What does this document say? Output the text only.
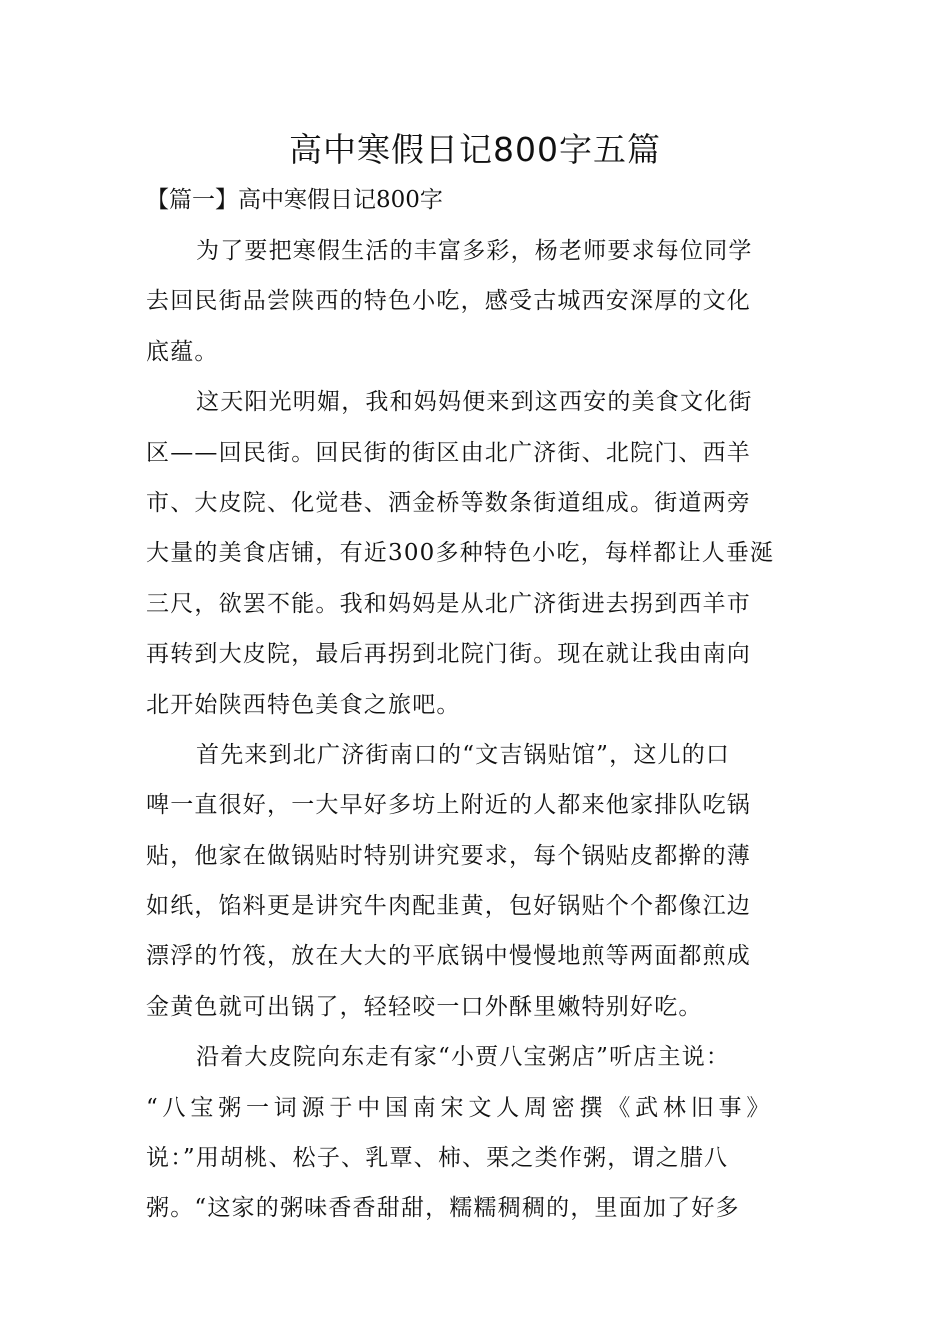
高中寒假日记800字五篇
【篇一】高中寒假日记800字

为了要把寒假生活的丰富多彩，杨老师要求每位同学
去回民街品尝陕西的特色小吃，感受古城西安深厚的文化
底蕴。

这天阳光明媚，我和妈妈便来到这西安的美食文化街
区——回民街。回民街的街区由北广济街、北院门、西羊
市、大皮院、化觉巷、洒金桥等数条街道组成。街道两旁
大量的美食店铺，有近300多种特色小吃，每样都让人垂涎
三尺，欲罢不能。我和妈妈是从北广济街进去拐到西羊市
再转到大皮院，最后再拐到北院门街。现在就让我由南向
北开始陕西特色美食之旅吧。

首先来到北广济街南口的“文吉锅贴馆”，这儿的口
啤一直很好，一大早好多坊上附近的人都来他家排队吃锅
贴，他家在做锅贴时特别讲究要求，每个锅贴皮都擀的薄
如纸，馅料更是讲究牛肉配韭黄，包好锅贴个个都像江边
漂浮的竹筏，放在大大的平底锅中慢慢地煎等两面都煎成
金黄色就可出锅了，轻轻咬一口外酥里嫩特别好吃。

沿着大皮院向东走有家“小贾八宝粥店”听店主说：
“八宝粥一词源于中国南宋文人周密撰《武林旧事》
说：”用胡桃、松子、乳覃、柿、栗之类作粥，谓之腊八
粥。“这家的粥味香香甜甜，糯糯稠稠的，里面加了好多
